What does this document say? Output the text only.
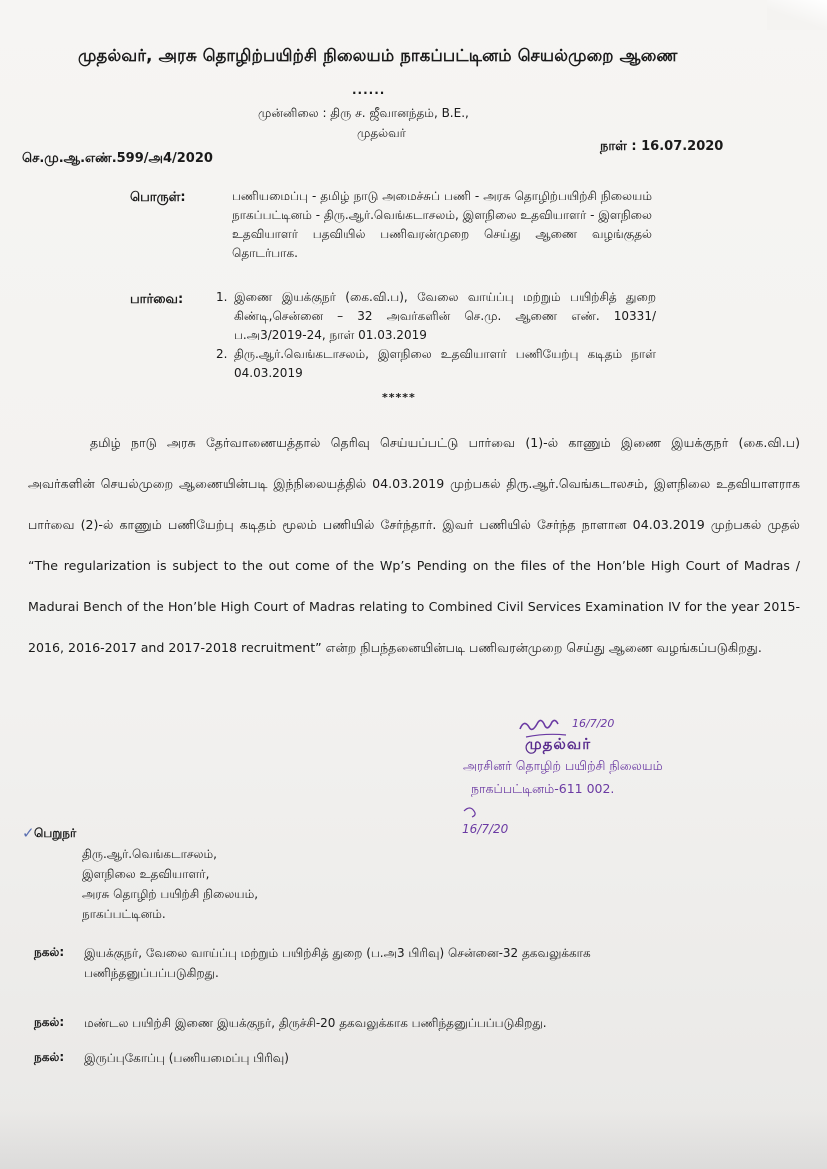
முதல்வர், அரசு தொழிற்பயிற்சி நிலையம் நாகப்பட்டினம் செயல்முறை ஆணை
......
முன்னிலை : திரு ச. ஜீவானந்தம், B.E.,
முதல்வர்
செ.மு.ஆ.எண்.599/அ4/2020
நாள் : 16.07.2020
பொருள்:	பணியமைப்பு - தமிழ் நாடு அமைச்சுப் பணி - அரசு தொழிற்பயிற்சி நிலையம் நாகப்பட்டினம் - திரு.ஆர்.வெங்கடாசலம், இளநிலை உதவியாளர் - இளநிலை உதவியாளர் பதவியில் பணிவரன்முறை செய்து ஆணை வழங்குதல் தொடர்பாக.
பார்வை:	1. இணை இயக்குநர் (கை.வி.ப), வேலை வாய்ப்பு மற்றும் பயிற்சித் துறை கிண்டி,சென்னை – 32 அவர்களின் செ.மு. ஆணை எண். 10331/ப.அ3/2019-24, நாள் 01.03.2019
2. திரு.ஆர்.வெங்கடாசலம், இளநிலை உதவியாளர் பணியேற்பு கடிதம் நாள் 04.03.2019
*****
தமிழ் நாடு அரசு தேர்வாணையத்தால் தெரிவு செய்யப்பட்டு பார்வை (1)-ல் காணும் இணை இயக்குநர் (கை.வி.ப) அவர்களின் செயல்முறை ஆணையின்படி இந்நிலையத்தில் 04.03.2019 முற்பகல் திரு.ஆர்.வெங்கடாலசம், இளநிலை உதவியாளராக பார்வை (2)-ல் காணும் பணியேற்பு கடிதம் மூலம் பணியில் சேர்ந்தார். இவர் பணியில் சேர்ந்த நாளான 04.03.2019 முற்பகல் முதல் “The regularization is subject to the out come of the Wp’s Pending on the files of the Hon’ble High Court of Madras / Madurai Bench of the Hon’ble High Court of Madras relating to Combined Civil Services Examination IV for the year 2015-2016, 2016-2017 and 2017-2018 recruitment” என்ற நிபந்தனையின்படி பணிவரன்முறை செய்து ஆணை வழங்கப்படுகிறது.
16/7/20
முதல்வர்
அரசினர் தொழிற் பயிற்சி நிலையம்
நாகப்பட்டினம்-611 002.
16/7/20
✓ பெறுநர்
திரு.ஆர்.வெங்கடாசலம்,
இளநிலை உதவியாளர்,
அரசு தொழிற் பயிற்சி நிலையம்,
நாகப்பட்டினம்.
நகல்: இயக்குநர், வேலை வாய்ப்பு மற்றும் பயிற்சித் துறை (ப.அ3 பிரிவு) சென்னை-32 தகவலுக்காக பணிந்தனுப்பப்படுகிறது.
நகல்: மண்டல பயிற்சி இணை இயக்குநர், திருச்சி-20 தகவலுக்காக பணிந்தனுப்பப்படுகிறது.
நகல்: இருப்புகோப்பு (பணியமைப்பு பிரிவு)
